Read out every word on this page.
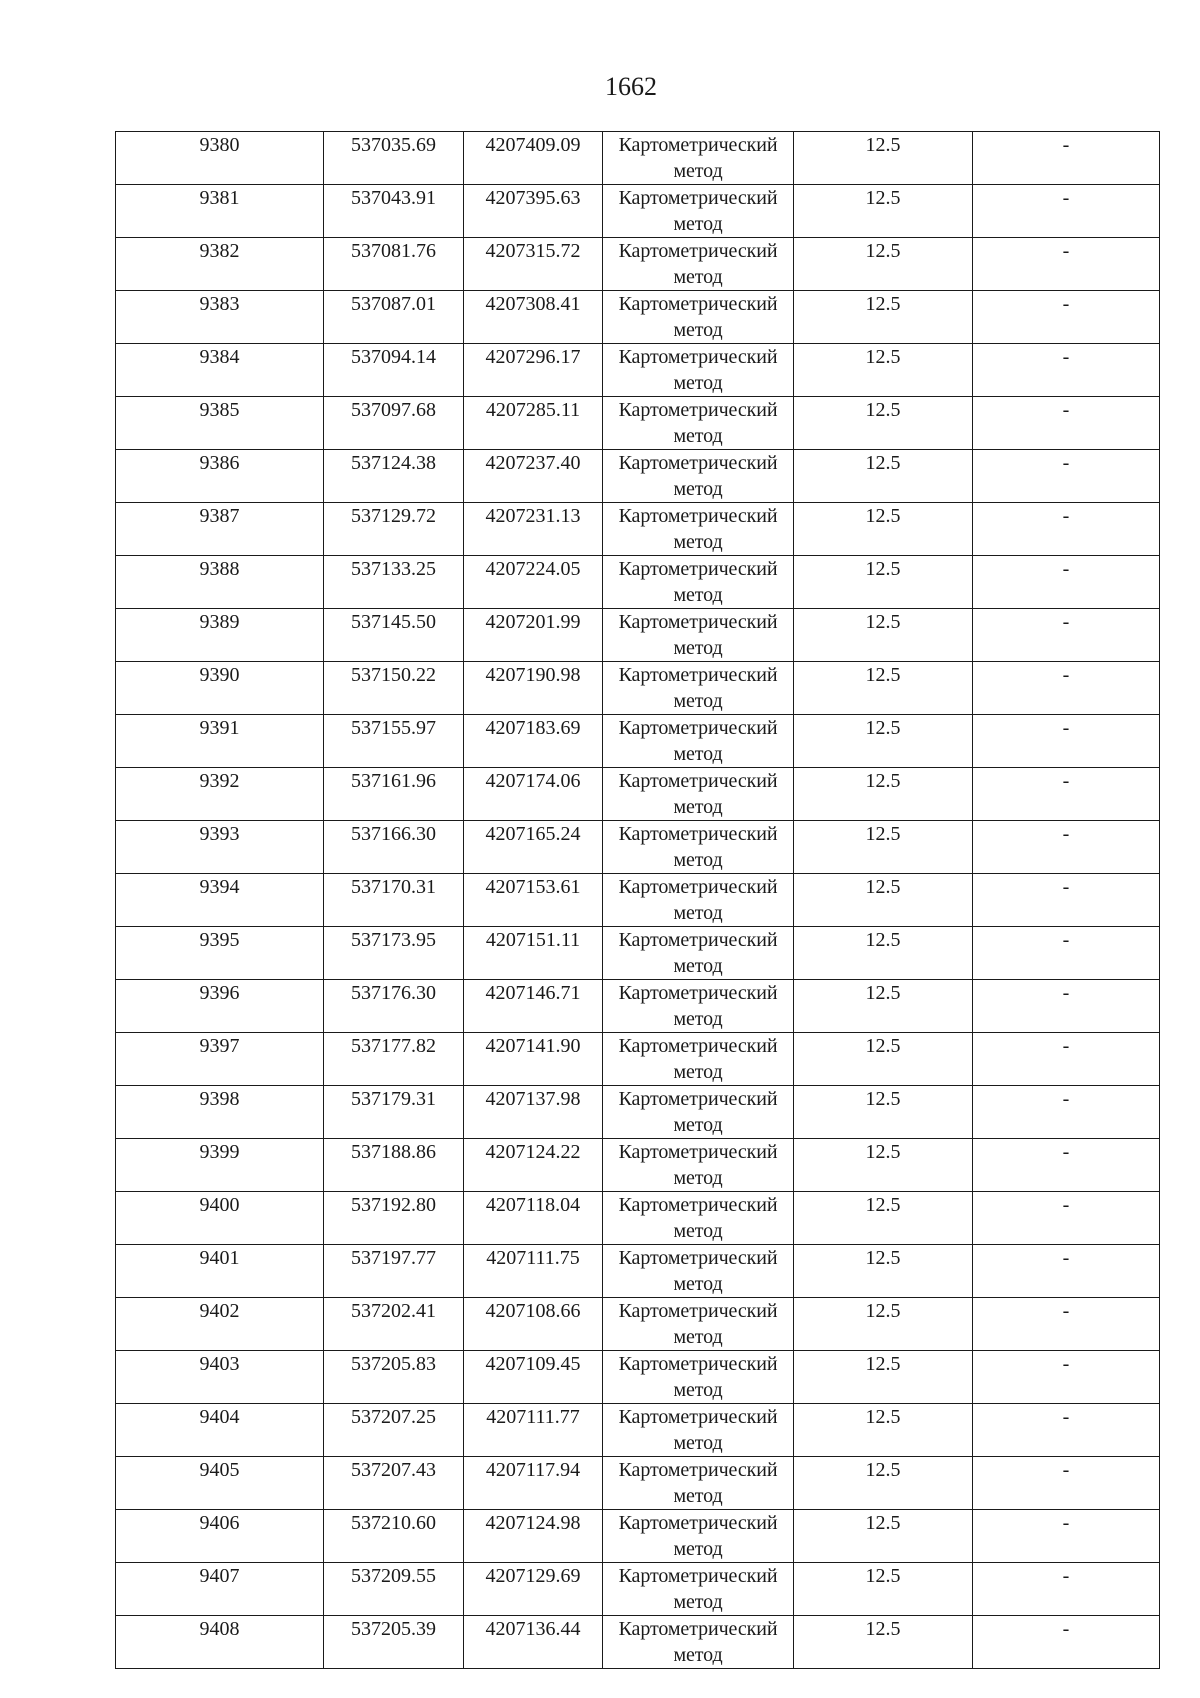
1662
9380	537035.69	4207409.09	Картометрический метод	12.5	-

9381	537043.91	4207395.63	Картометрический метод	12.5	-

9382	537081.76	4207315.72	Картометрический метод	12.5	-

9383	537087.01	4207308.41	Картометрический метод	12.5	-

9384	537094.14	4207296.17	Картометрический метод	12.5	-

9385	537097.68	4207285.11	Картометрический метод	12.5	-

9386	537124.38	4207237.40	Картометрический метод	12.5	-

9387	537129.72	4207231.13	Картометрический метод	12.5	-

9388	537133.25	4207224.05	Картометрический метод	12.5	-

9389	537145.50	4207201.99	Картометрический метод	12.5	-

9390	537150.22	4207190.98	Картометрический метод	12.5	-

9391	537155.97	4207183.69	Картометрический метод	12.5	-

9392	537161.96	4207174.06	Картометрический метод	12.5	-

9393	537166.30	4207165.24	Картометрический метод	12.5	-

9394	537170.31	4207153.61	Картометрический метод	12.5	-

9395	537173.95	4207151.11	Картометрический метод	12.5	-

9396	537176.30	4207146.71	Картометрический метод	12.5	-

9397	537177.82	4207141.90	Картометрический метод	12.5	-

9398	537179.31	4207137.98	Картометрический метод	12.5	-

9399	537188.86	4207124.22	Картометрический метод	12.5	-

9400	537192.80	4207118.04	Картометрический метод	12.5	-

9401	537197.77	4207111.75	Картометрический метод	12.5	-

9402	537202.41	4207108.66	Картометрический метод	12.5	-

9403	537205.83	4207109.45	Картометрический метод	12.5	-

9404	537207.25	4207111.77	Картометрический метод	12.5	-

9405	537207.43	4207117.94	Картометрический метод	12.5	-

9406	537210.60	4207124.98	Картометрический метод	12.5	-

9407	537209.55	4207129.69	Картометрический метод	12.5	-

9408	537205.39	4207136.44	Картометрический метод	12.5	-
